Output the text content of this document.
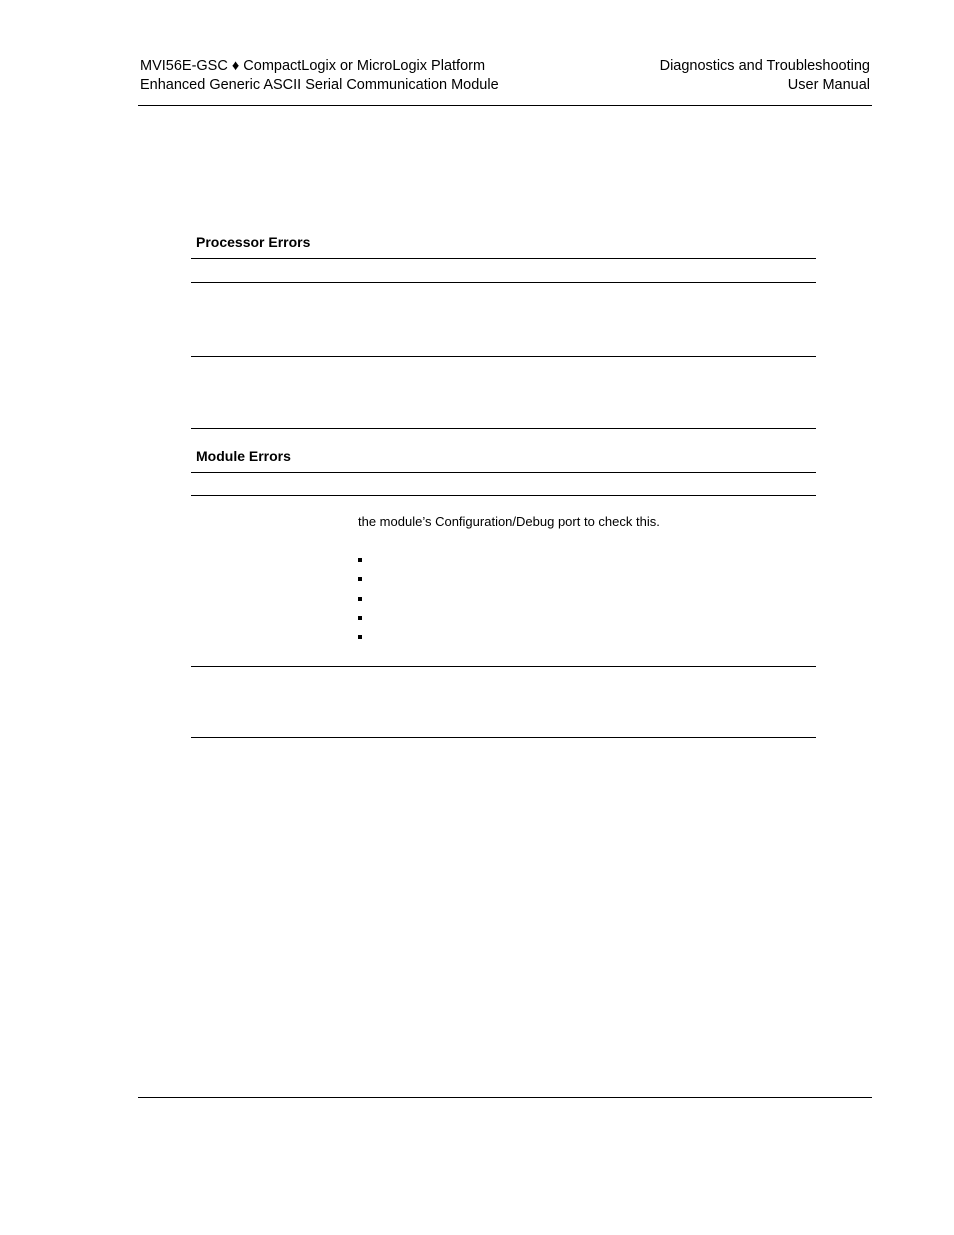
MVI56E-GSC ♦ CompactLogix or MicroLogix Platform
Enhanced Generic ASCII Serial Communication Module
Diagnostics and Troubleshooting
User Manual
Processor Errors
Module Errors
the module’s Configuration/Debug port to check this.
